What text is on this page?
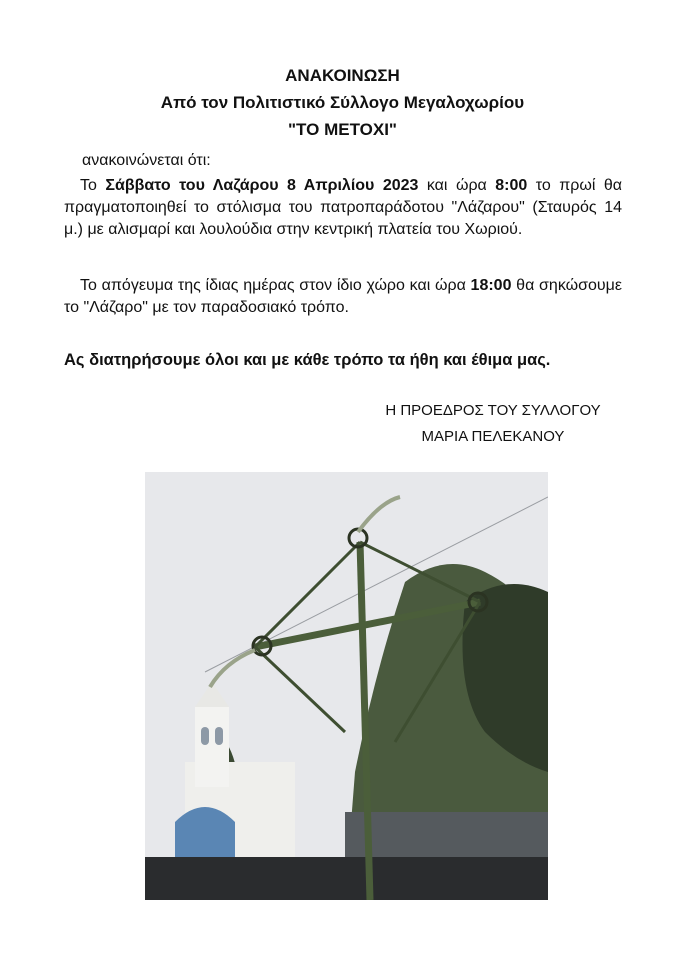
ΑΝΑΚΟΙΝΩΣΗ
Από τον Πολιτιστικό Σύλλογο Μεγαλοχωρίου
"ΤΟ ΜΕΤΟΧΙ"
ανακοινώνεται ότι:
Το Σάββατο του Λαζάρου 8 Απριλίου 2023 και ώρα 8:00 το πρωί θα πραγματοποιηθεί το στόλισμα του πατροπαράδοτου "Λάζαρου" (Σταυρός 14 μ.) με αλισμαρί και λουλούδια στην κεντρική πλατεία του Χωριού.
Το απόγευμα της ίδιας ημέρας στον ίδιο χώρο και ώρα 18:00 θα σηκώσουμε το "Λάζαρο" με τον παραδοσιακό τρόπο.
Ας διατηρήσουμε όλοι και με κάθε τρόπο τα ήθη και έθιμα μας.
Η ΠΡΟΕΔΡΟΣ ΤΟΥ ΣΥΛΛΟΓΟΥ
ΜΑΡΙΑ ΠΕΛΕΚΑΝΟΥ
